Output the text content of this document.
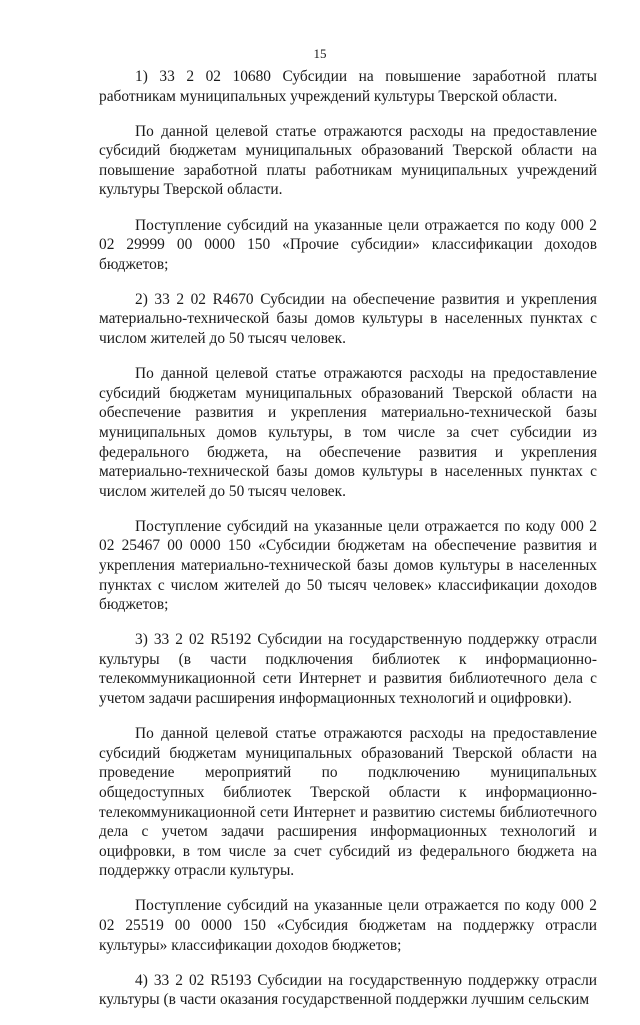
15

1) 33 2 02 10680 Субсидии на повышение заработной платы работникам муниципальных учреждений культуры Тверской области.

По данной целевой статье отражаются расходы на предоставление субсидий бюджетам муниципальных образований Тверской области на повышение заработной платы работникам муниципальных учреждений культуры Тверской области.

Поступление субсидий на указанные цели отражается по коду 000 2 02 29999 00 0000 150 «Прочие субсидии» классификации доходов бюджетов;

2) 33 2 02 R4670 Субсидии на обеспечение развития и укрепления материально-технической базы домов культуры в населенных пунктах с числом жителей до 50 тысяч человек.

По данной целевой статье отражаются расходы на предоставление субсидий бюджетам муниципальных образований Тверской области на обеспечение развития и укрепления материально-технической базы муниципальных домов культуры, в том числе за счет субсидии из федерального бюджета, на обеспечение развития и укрепления материально-технической базы домов культуры в населенных пунктах с числом жителей до 50 тысяч человек.

Поступление субсидий на указанные цели отражается по коду 000 2 02 25467 00 0000 150 «Субсидии бюджетам на обеспечение развития и укрепления материально-технической базы домов культуры в населенных пунктах с числом жителей до 50 тысяч человек» классификации доходов бюджетов;

3) 33 2 02 R5192 Субсидии на государственную поддержку отрасли культуры (в части подключения библиотек к информационно-телекоммуникационной сети Интернет и развития библиотечного дела с учетом задачи расширения информационных технологий и оцифровки).

По данной целевой статье отражаются расходы на предоставление субсидий бюджетам муниципальных образований Тверской области на проведение мероприятий по подключению муниципальных общедоступных библиотек Тверской области к информационно-телекоммуникационной сети Интернет и развитию системы библиотечного дела с учетом задачи расширения информационных технологий и оцифровки, в том числе за счет субсидий из федерального бюджета на поддержку отрасли культуры.

Поступление субсидий на указанные цели отражается по коду 000 2 02 25519 00 0000 150 «Субсидия бюджетам на поддержку отрасли культуры» классификации доходов бюджетов;

4) 33 2 02 R5193 Субсидии на государственную поддержку отрасли культуры (в части оказания государственной поддержки лучшим сельским
